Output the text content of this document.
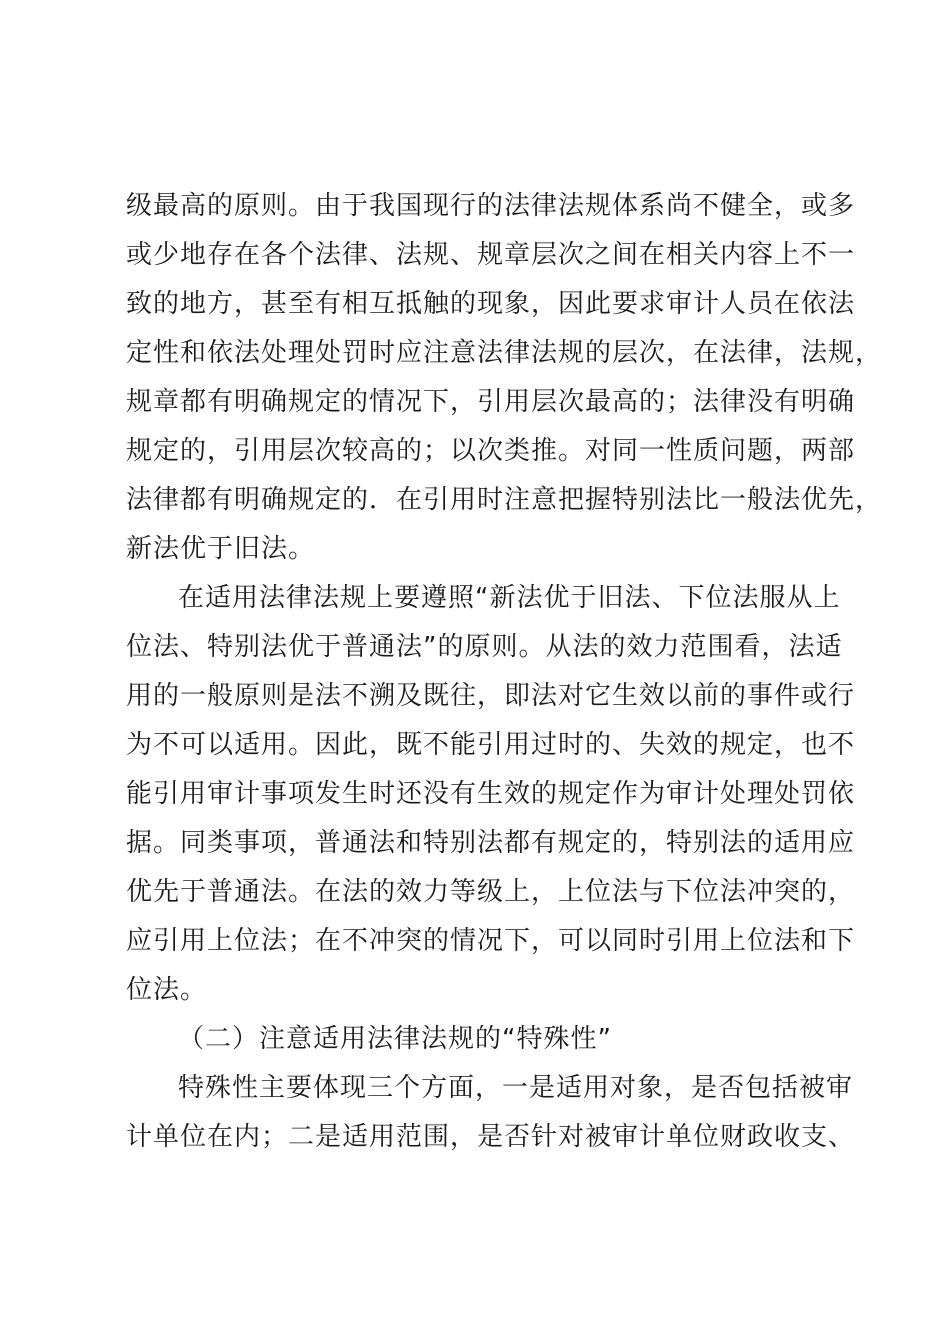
级最高的原则。由于我国现行的法律法规体系尚不健全，或多
或少地存在各个法律、法规、规章层次之间在相关内容上不一
致的地方，甚至有相互抵触的现象，因此要求审计人员在依法
定性和依法处理处罚时应注意法律法规的层次，在法律，法规，
规章都有明确规定的情况下，引用层次最高的；法律没有明确
规定的，引用层次较高的；以次类推。对同一性质问题，两部
法律都有明确规定的．在引用时注意把握特别法比一般法优先，
新法优于旧法。
在适用法律法规上要遵照“新法优于旧法、下位法服从上
位法、特别法优于普通法”的原则。从法的效力范围看，法适
用的一般原则是法不溯及既往，即法对它生效以前的事件或行
为不可以适用。因此，既不能引用过时的、失效的规定，也不
能引用审计事项发生时还没有生效的规定作为审计处理处罚依
据。同类事项，普通法和特别法都有规定的，特别法的适用应
优先于普通法。在法的效力等级上，上位法与下位法冲突的，
应引用上位法；在不冲突的情况下，可以同时引用上位法和下
位法。
（二）注意适用法律法规的“特殊性”
特殊性主要体现三个方面，一是适用对象，是否包括被审
计单位在内；二是适用范围，是否针对被审计单位财政收支、
